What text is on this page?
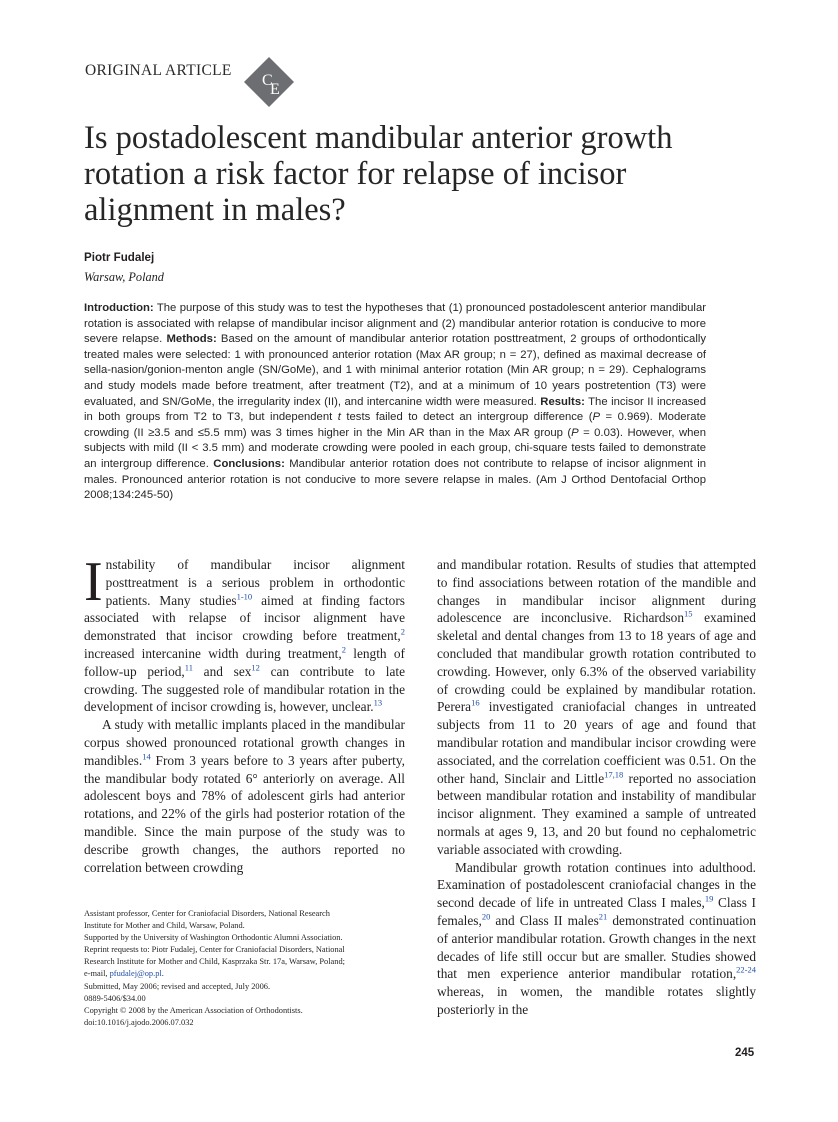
ORIGINAL ARTICLE
C
E
Is postadolescent mandibular anterior growth rotation a risk factor for relapse of incisor alignment in males?
Piotr Fudalej
Warsaw, Poland
Introduction: The purpose of this study was to test the hypotheses that (1) pronounced postadolescent anterior mandibular rotation is associated with relapse of mandibular incisor alignment and (2) mandibular anterior rotation is conducive to more severe relapse. Methods: Based on the amount of mandibular anterior rotation posttreatment, 2 groups of orthodontically treated males were selected: 1 with pronounced anterior rotation (Max AR group; n = 27), defined as maximal decrease of sella-nasion/gonion-menton angle (SN/GoMe), and 1 with minimal anterior rotation (Min AR group; n = 29). Cephalograms and study models made before treatment, after treatment (T2), and at a minimum of 10 years postretention (T3) were evaluated, and SN/GoMe, the irregularity index (II), and intercanine width were measured. Results: The incisor II increased in both groups from T2 to T3, but independent t tests failed to detect an intergroup difference (P = 0.969). Moderate crowding (II ≥3.5 and ≤5.5 mm) was 3 times higher in the Min AR than in the Max AR group (P = 0.03). However, when subjects with mild (II < 3.5 mm) and moderate crowding were pooled in each group, chi-square tests failed to demonstrate an intergroup difference. Conclusions: Mandibular anterior rotation does not contribute to relapse of incisor alignment in males. Pronounced anterior rotation is not conducive to more severe relapse in males. (Am J Orthod Dentofacial Orthop 2008;134:245-50)

Instability of mandibular incisor alignment posttreatment is a serious problem in orthodontic patients. Many studies$^{1-10}$ aimed at finding factors associated with relapse of incisor alignment have demonstrated that incisor crowding before treatment,$^2$ increased intercanine width during treatment,$^2$ length of follow-up period,$^{11}$ and sex$^{12}$ can contribute to late crowding. The suggested role of mandibular rotation in the development of incisor crowding is, however, unclear.$^{13}$

A study with metallic implants placed in the mandibular corpus showed pronounced rotational growth changes in mandibles.$^{14}$ From 3 years before to 3 years after puberty, the mandibular body rotated 6° anteriorly on average. All adolescent boys and 78% of adolescent girls had anterior rotations, and 22% of the girls had posterior rotation of the mandible. Since the main purpose of the study was to describe growth changes, the authors reported no correlation between crowding

and mandibular rotation. Results of studies that attempted to find associations between rotation of the mandible and changes in mandibular incisor alignment during adolescence are inconclusive. Richardson$^{15}$ examined skeletal and dental changes from 13 to 18 years of age and concluded that mandibular growth rotation contributed to crowding. However, only 6.3% of the observed variability of crowding could be explained by mandibular rotation. Perera$^{16}$ investigated craniofacial changes in untreated subjects from 11 to 20 years of age and found that mandibular rotation and mandibular incisor crowding were associated, and the correlation coefficient was 0.51. On the other hand, Sinclair and Little$^{17,18}$ reported no association between mandibular rotation and instability of mandibular incisor alignment. They examined a sample of untreated normals at ages 9, 13, and 20 but found no cephalometric variable associated with crowding.

Mandibular growth rotation continues into adulthood. Examination of postadolescent craniofacial changes in the second decade of life in untreated Class I males,$^{19}$ Class I females,$^{20}$ and Class II males$^{21}$ demonstrated continuation of anterior mandibular rotation. Growth changes in the next decades of life still occur but are smaller. Studies showed that men experience anterior mandibular rotation,$^{22-24}$ whereas, in women, the mandible rotates slightly posteriorly in the

Assistant professor, Center for Craniofacial Disorders, National Research
Institute for Mother and Child, Warsaw, Poland.
Supported by the University of Washington Orthodontic Alumni Association.
Reprint requests to: Piotr Fudalej, Center for Craniofacial Disorders, National
Research Institute for Mother and Child, Kasprzaka Str. 17a, Warsaw, Poland;
e-mail, pfudalej@op.pl.
Submitted, May 2006; revised and accepted, July 2006.
0889-5406/$34.00
Copyright © 2008 by the American Association of Orthodontists.
doi:10.1016/j.ajodo.2006.07.032
245
